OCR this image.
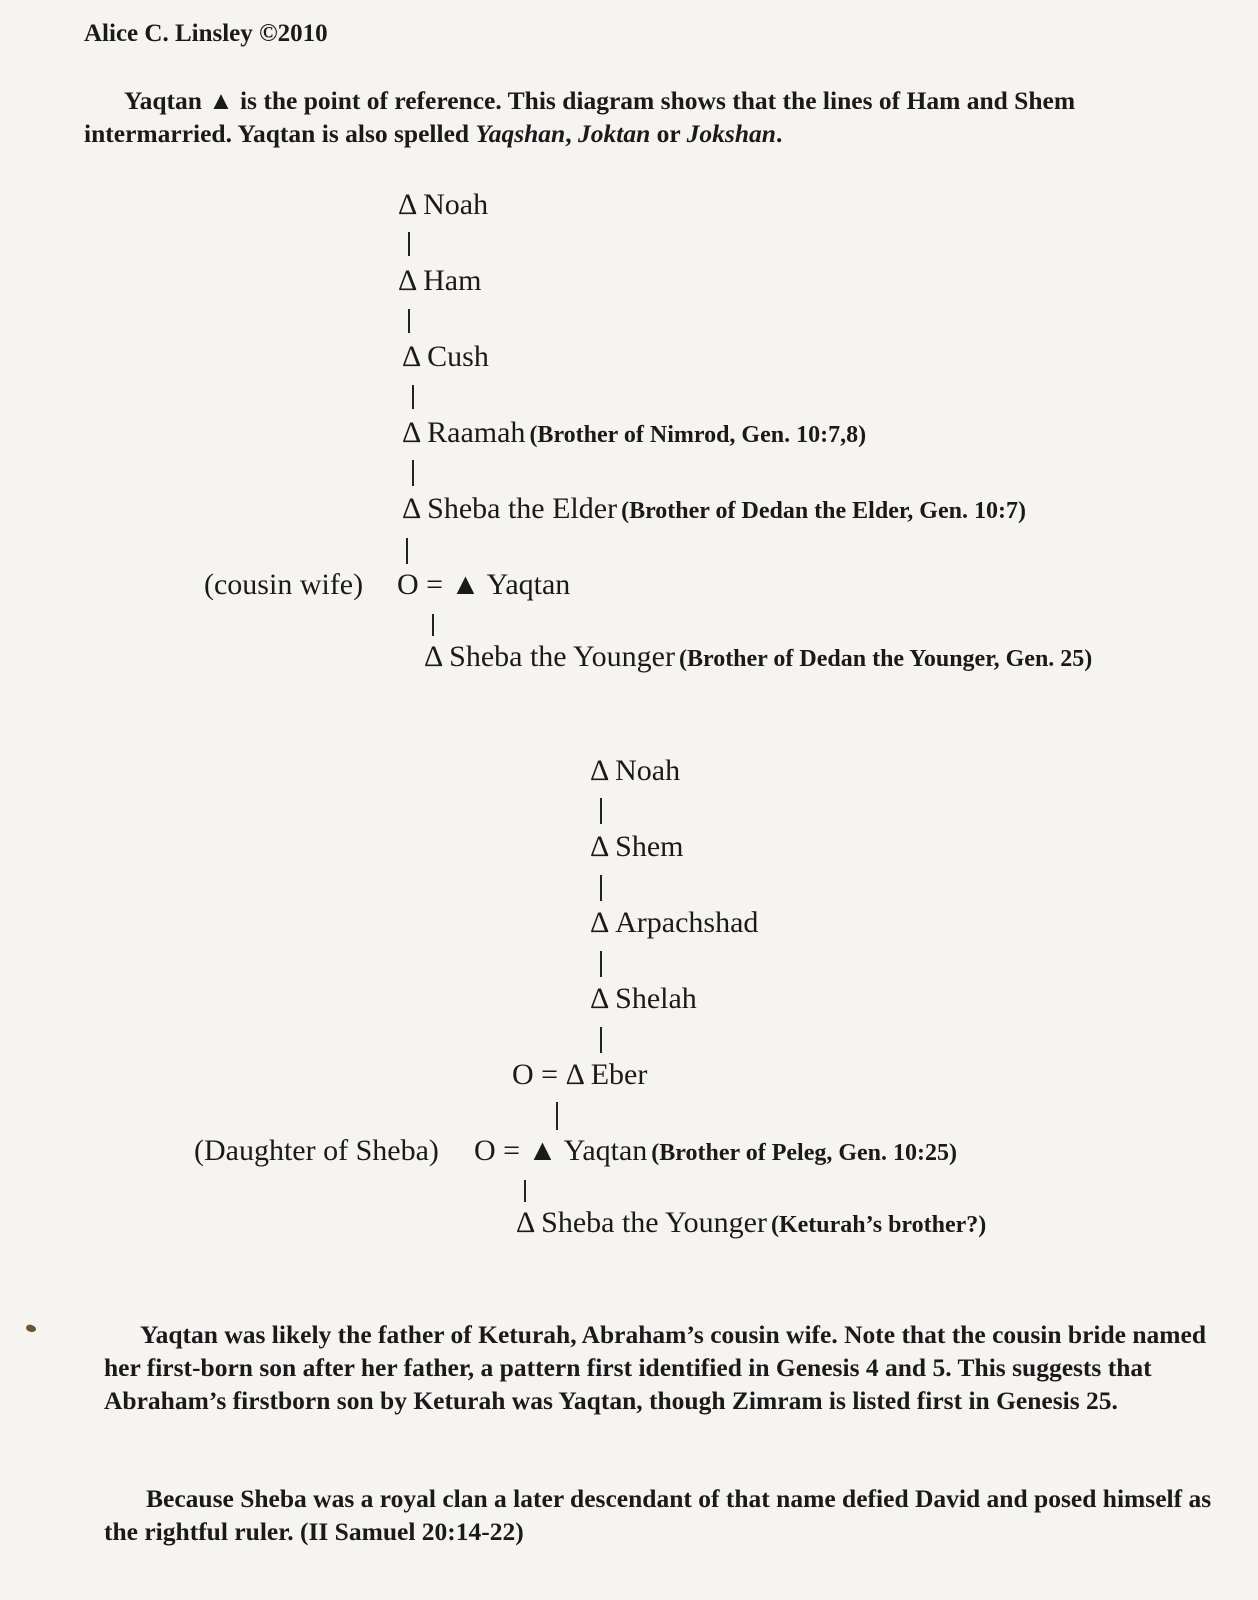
Alice C. Linsley ©2010
Yaqtan ▲ is the point of reference. This diagram shows that the lines of Ham and Shem intermarried. Yaqtan is also spelled Yaqshan, Joktan or Jokshan.
Δ Noah
Δ Ham
Δ Cush
Δ Raamah (Brother of Nimrod, Gen. 10:7,8)
Δ Sheba the Elder (Brother of Dedan the Elder, Gen. 10:7)
(cousin wife) O = ▲ Yaqtan
Δ Sheba the Younger (Brother of Dedan the Younger, Gen. 25)
Δ Noah
Δ Shem
Δ Arpachshad
Δ Shelah
O = Δ Eber
(Daughter of Sheba) O = ▲ Yaqtan (Brother of Peleg, Gen. 10:25)
Δ Sheba the Younger (Keturah’s brother?)
Yaqtan was likely the father of Keturah, Abraham’s cousin wife. Note that the cousin bride named her first-born son after her father, a pattern first identified in Genesis 4 and 5. This suggests that Abraham’s firstborn son by Keturah was Yaqtan, though Zimram is listed first in Genesis 25.
Because Sheba was a royal clan a later descendant of that name defied David and posed himself as the rightful ruler. (II Samuel 20:14-22)
